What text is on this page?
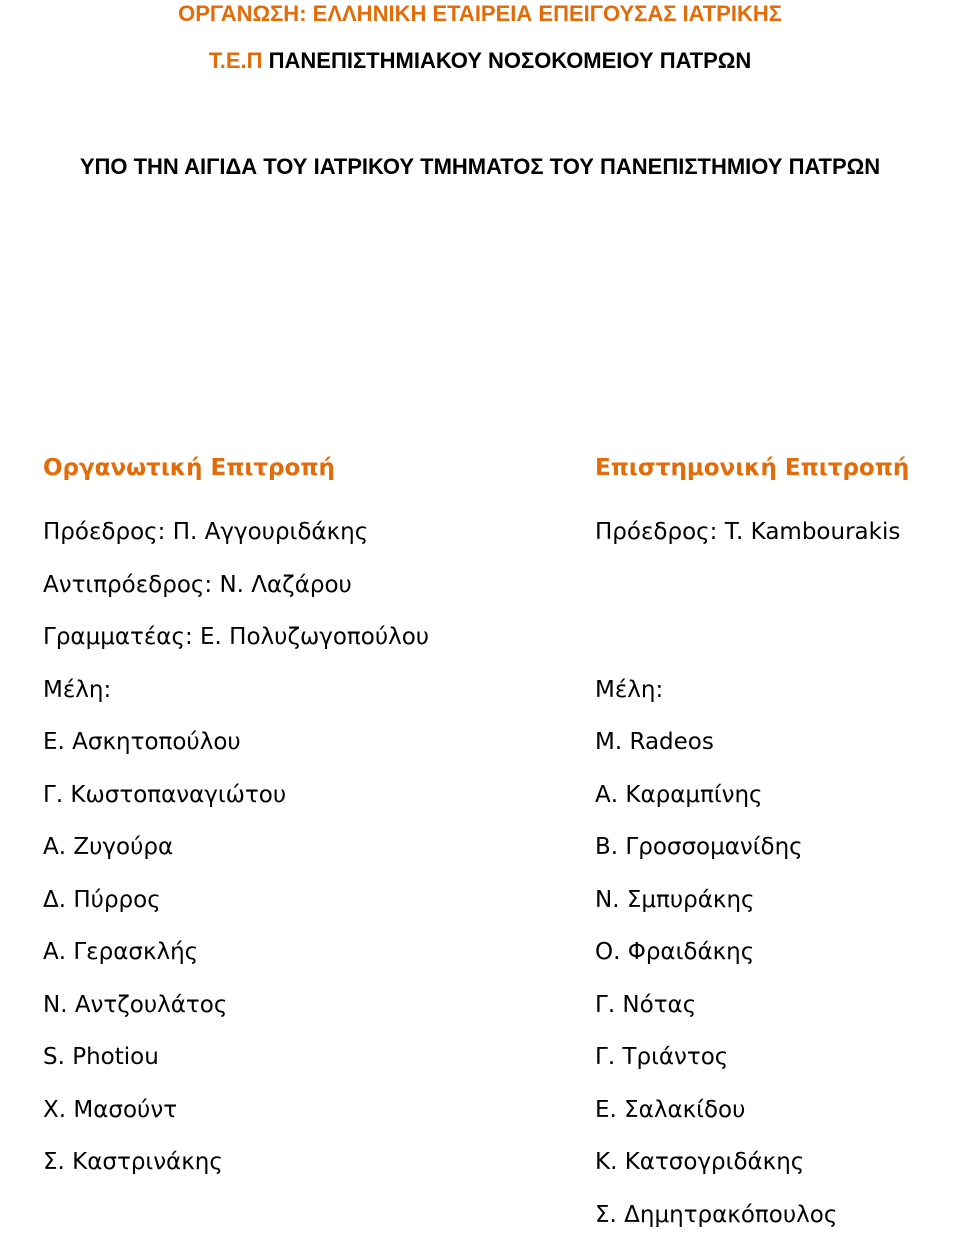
ΟΡΓΑΝΩΣΗ: ΕΛΛΗΝΙΚΗ ΕΤΑΙΡΕΙΑ ΕΠΕΙΓΟΥΣΑΣ ΙΑΤΡΙΚΗΣ
Τ.Ε.Π ΠΑΝΕΠΙΣΤΗΜΙΑΚΟΥ ΝΟΣΟΚΟΜΕΙΟΥ ΠΑΤΡΩΝ
ΥΠΟ ΤΗΝ ΑΙΓΙΔΑ ΤΟΥ ΙΑΤΡΙΚΟΥ ΤΜΗΜΑΤΟΣ ΤΟΥ ΠΑΝΕΠΙΣΤΗΜΙΟΥ ΠΑΤΡΩΝ
Οργανωτική Επιτροπή
Πρόεδρος: Π. Αγγουριδάκης
Αντιπρόεδρος: Ν. Λαζάρου
Γραμματέας: Ε. Πολυζωγοπούλου
Μέλη:
Ε. Ασκητοπούλου
Γ. Κωστοπαναγιώτου
Α. Ζυγούρα
Δ. Πύρρος
Α. Γερασκλής
Ν. Αντζουλάτος
S. Photiou
Χ. Μασούντ
Σ. Καστρινάκης
Επιστημονική Επιτροπή
Πρόεδρος: T. Kambourakis
Μέλη:
M. Radeos
Α. Καραμπίνης
Β. Γροσσομανίδης
Ν. Σμπυράκης
Ο. Φραιδάκης
Γ. Νότας
Γ. Τριάντος
Ε. Σαλακίδου
Κ. Κατσογριδάκης
Σ. Δημητρακόπουλος
